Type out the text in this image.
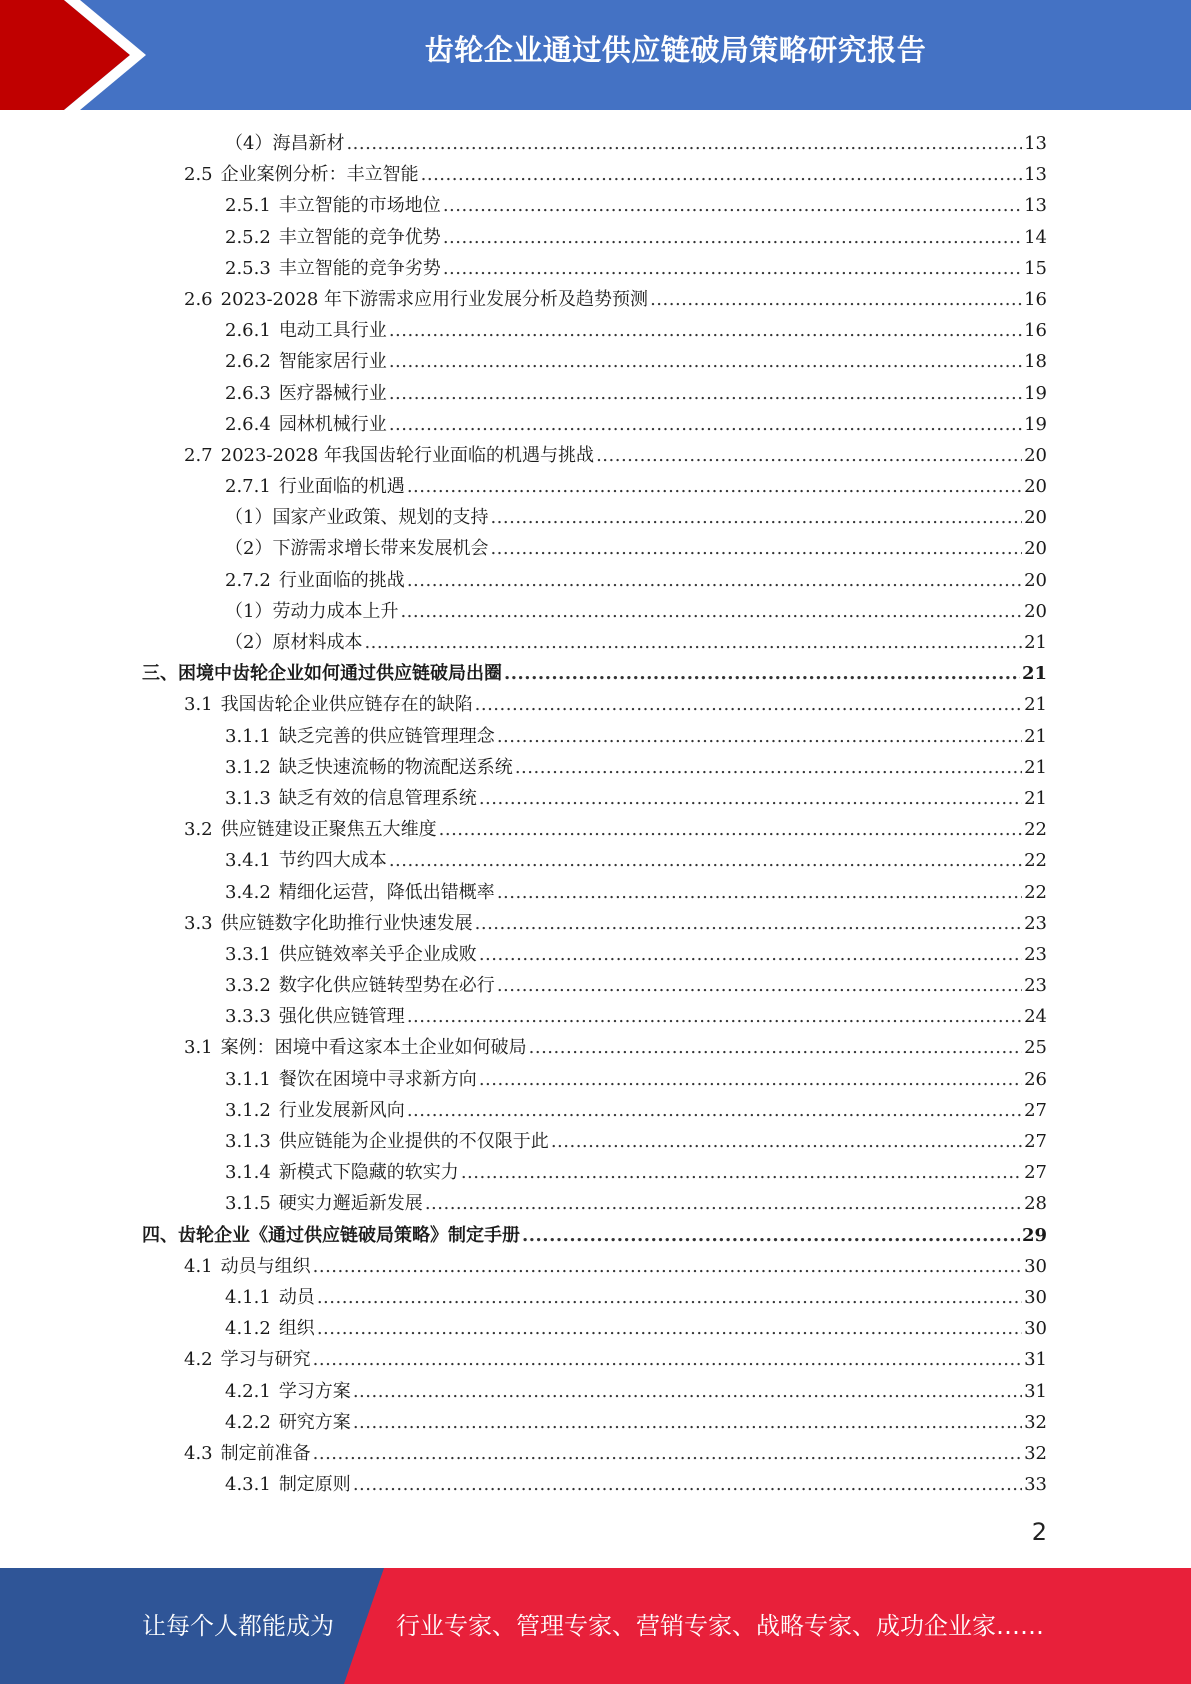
齿轮企业通过供应链破局策略研究报告
（4） 海昌新材 .....	13
2.5 企业案例分析：丰立智能 .....	13
2.5.1 丰立智能的市场地位 .....	13
2.5.2 丰立智能的竞争优势 .....	14
2.5.3 丰立智能的竞争劣势 .....	15
2.6 2023-2028 年下游需求应用行业发展分析及趋势预测 .....	16
2.6.1 电动工具行业 .....	16
2.6.2 智能家居行业 .....	18
2.6.3 医疗器械行业 .....	19
2.6.4 园林机械行业 .....	19
2.7 2023-2028 年我国齿轮行业面临的机遇与挑战 .....	20
2.7.1 行业面临的机遇 .....	20
（1） 国家产业政策、规划的支持 .....	20
（2） 下游需求增长带来发展机会 .....	20
2.7.2 行业面临的挑战 .....	20
（1） 劳动力成本上升 .....	20
（2） 原材料成本 .....	21
三、 困境中齿轮企业如何通过供应链破局出圈 .....	21
3.1 我国齿轮企业供应链存在的缺陷 .....	21
3.1.1 缺乏完善的供应链管理理念 .....	21
3.1.2 缺乏快速流畅的物流配送系统 .....	21
3.1.3 缺乏有效的信息管理系统 .....	21
3.2 供应链建设正聚焦五大维度 .....	22
3.4.1 节约四大成本 .....	22
3.4.2 精细化运营，降低出错概率 .....	22
3.3 供应链数字化助推行业快速发展 .....	23
3.3.1 供应链效率关乎企业成败 .....	23
3.3.2 数字化供应链转型势在必行 .....	23
3.3.3 强化供应链管理 .....	24
3.1 案例：困境中看这家本土企业如何破局 .....	25
3.1.1 餐饮在困境中寻求新方向 .....	26
3.1.2 行业发展新风向 .....	27
3.1.3 供应链能为企业提供的不仅限于此 .....	27
3.1.4 新模式下隐藏的软实力 .....	27
3.1.5 硬实力邂逅新发展 .....	28
四、 齿轮企业《通过供应链破局策略》制定手册 .....	29
4.1 动员与组织 .....	30
4.1.1 动员 .....	30
4.1.2 组织 .....	30
4.2 学习与研究 .....	31
4.2.1 学习方案 .....	31
4.2.2 研究方案 .....	32
4.3 制定前准备 .....	32
4.3.1 制定原则 .....	33
2
让每个人都能成为	行业专家、管理专家、营销专家、战略专家、成功企业家……
